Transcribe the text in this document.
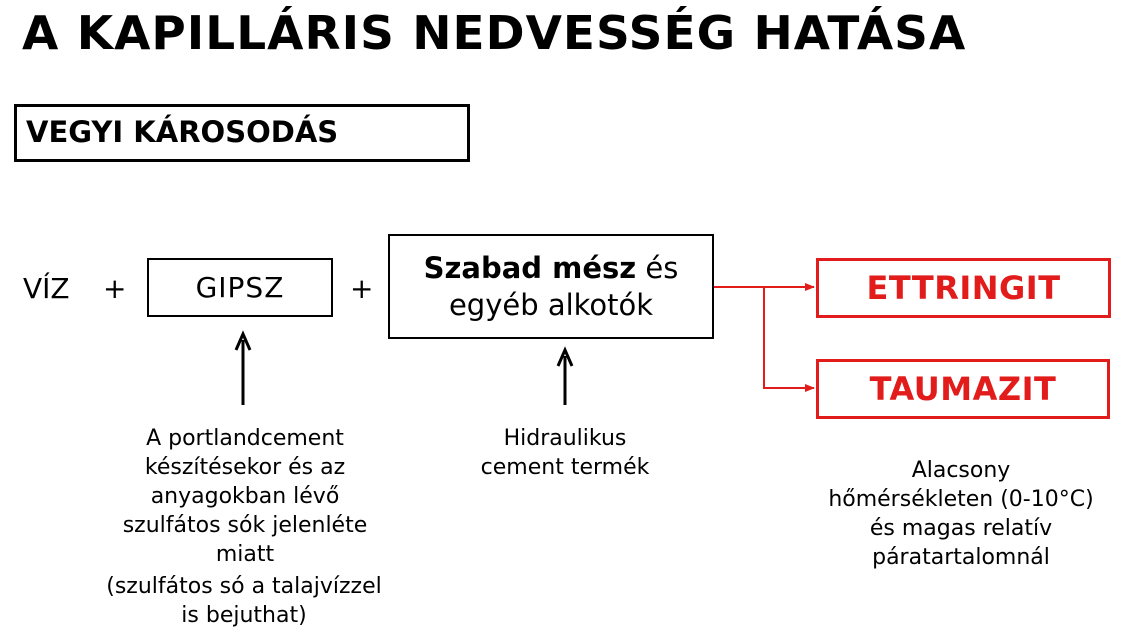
A KAPILLÁRIS NEDVESSÉG HATÁSA
VEGYI KÁROSODÁS
VÍZ + GIPSZ +
Szabad mész és
egyéb alkotók	ETTRINGIT
TAUMAZIT
A portlandcement
készítésekor és az
anyagokban lévő
szulfátos sók jelenléte
miatt
(szulfátos só a talajvízzel
is bejuthat)
Hidraulikus
cement termék	Alacsony
hőmérsékleten (0-10°C)
és magas relatív
páratartalomnál
